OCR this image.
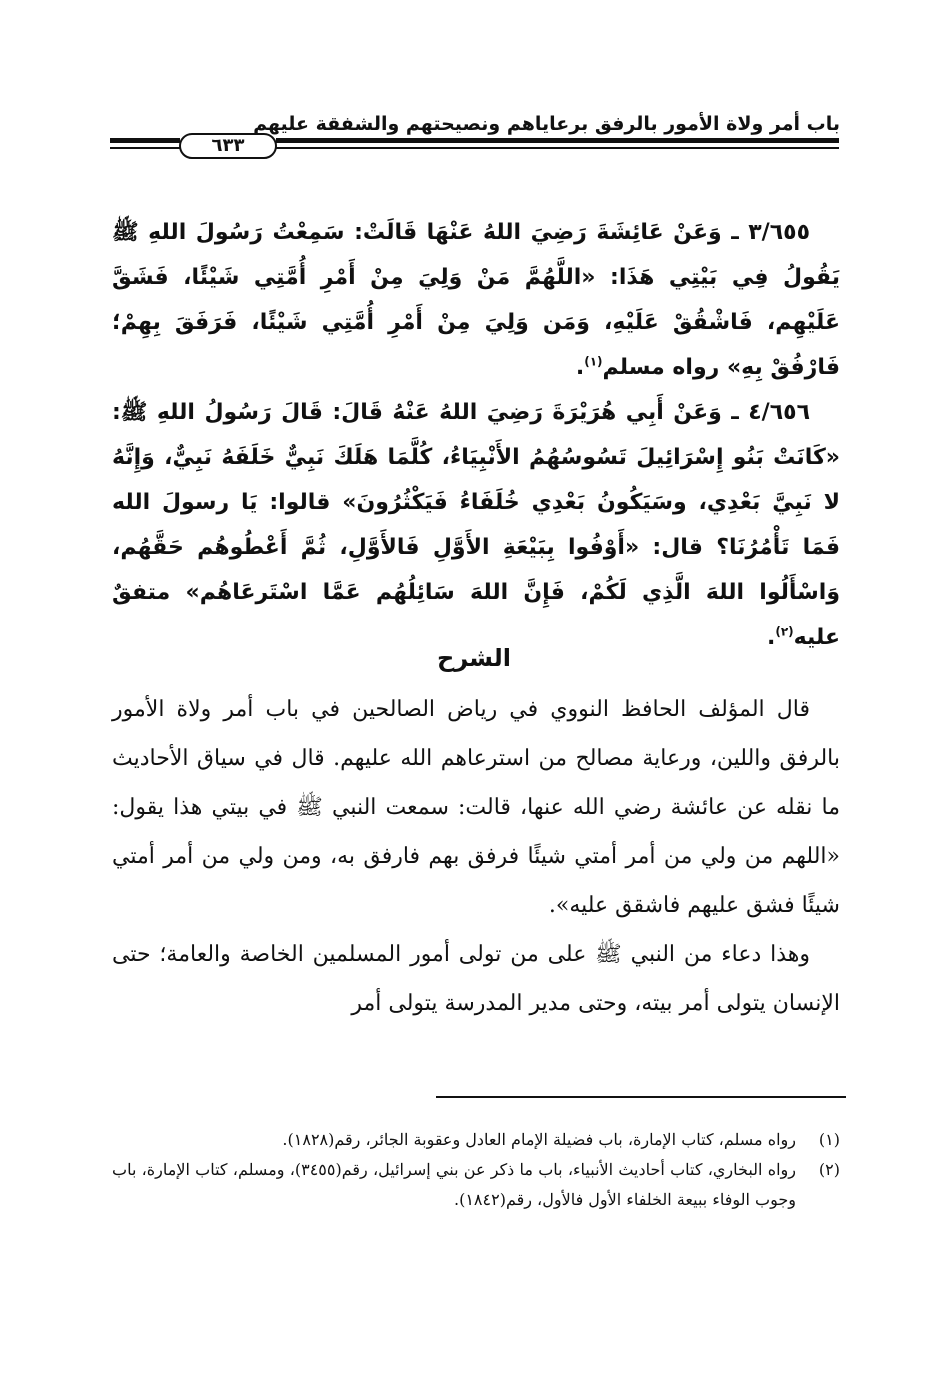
باب أمر ولاة الأمور بالرفق برعاياهم ونصيحتهم والشفقة عليهم
٦٣٣

٣/٦٥٥ ـ وَعَنْ عَائِشَةَ رَضِيَ اللهُ عَنْهَا قَالَتْ: سَمِعْتُ رَسُولَ اللهِ ﷺ يَقُولُ فِي بَيْتِي هَذَا: «اللَّهُمَّ مَنْ وَلِيَ مِنْ أَمْرِ أُمَّتِي شَيْئًا، فَشَقَّ عَلَيْهِم، فَاشْقُقْ عَلَيْهِ، وَمَن وَلِيَ مِنْ أَمْرِ أُمَّتِي شَيْئًا، فَرَفَقَ بِهِمْ؛ فَارْفُقْ بِهِ» رواه مسلم$^{(١)}$.

٤/٦٥٦ ـ وَعَنْ أَبِي هُرَيْرَةَ رَضِيَ اللهُ عَنْهُ قَالَ: قَالَ رَسُولُ اللهِ ﷺ: «كَانَتْ بَنُو إِسْرَائِيلَ تَسُوسُهُمُ الأَنْبِيَاءُ، كُلَّمَا هَلَكَ نَبِيٌّ خَلَفَهُ نَبِيٌّ، وَإِنَّهُ لا نَبِيَّ بَعْدِي، وسَيَكُونُ بَعْدِي خُلَفَاءُ فَيَكْثُرُونَ» قالوا: يَا رسولَ الله فَمَا تَأْمُرُنَا؟ قال: «أَوْفُوا بِبَيْعَةِ الأَوَّلِ فَالأَوَّلِ، ثُمَّ أَعْطُوهُم حَقَّهُم، وَاسْأَلُوا اللهَ الَّذِي لَكُمْ، فَإِنَّ اللهَ سَائِلُهُم عَمَّا اسْتَرعَاهُم» متفقٌ عليه$^{(٢)}$.

الشرح

قال المؤلف الحافظ النووي في رياض الصالحين في باب أمر ولاة الأمور بالرفق واللين، ورعاية مصالح من استرعاهم الله عليهم. قال في سياق الأحاديث ما نقله عن عائشة رضي الله عنها، قالت: سمعت النبي ﷺ في بيتي هذا يقول: «اللهم من ولي من أمر أمتي شيئًا فرفق بهم فارفق به، ومن ولي من أمر أمتي شيئًا فشق عليهم فاشقق عليه».

وهذا دعاء من النبي ﷺ على من تولى أمور المسلمين الخاصة والعامة؛ حتى الإنسان يتولى أمر بيته، وحتى مدير المدرسة يتولى أمر

(١)
رواه مسلم، كتاب الإمارة، باب فضيلة الإمام العادل وعقوبة الجائر، رقم(١٨٢٨).
(٢)
رواه البخاري، كتاب أحاديث الأنبياء، باب ما ذكر عن بني إسرائيل، رقم(٣٤٥٥)، ومسلم، كتاب الإمارة، باب وجوب الوفاء ببيعة الخلفاء الأول فالأول، رقم(١٨٤٢).
